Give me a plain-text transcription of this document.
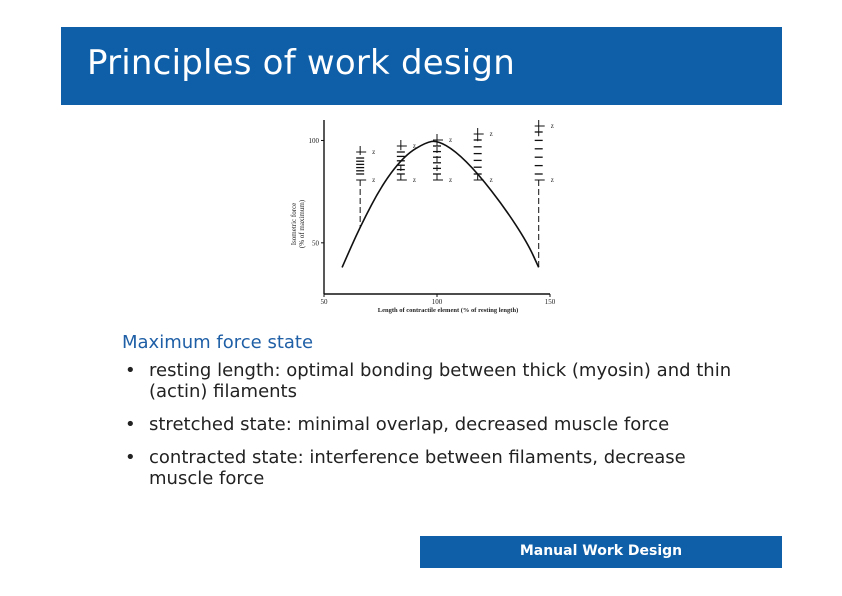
Principles of work design
50	100	150
50
100
z
z
z
z
z
z
z
z
z
z
Length of contractile element (% of resting length)
Isometric force (% of maximum)
Maximum force state
• resting length: optimal bonding between thick (myosin) and thin (actin) filaments
• stretched state: minimal overlap, decreased muscle force
• contracted state: interference between filaments, decrease muscle force
Manual Work Design
